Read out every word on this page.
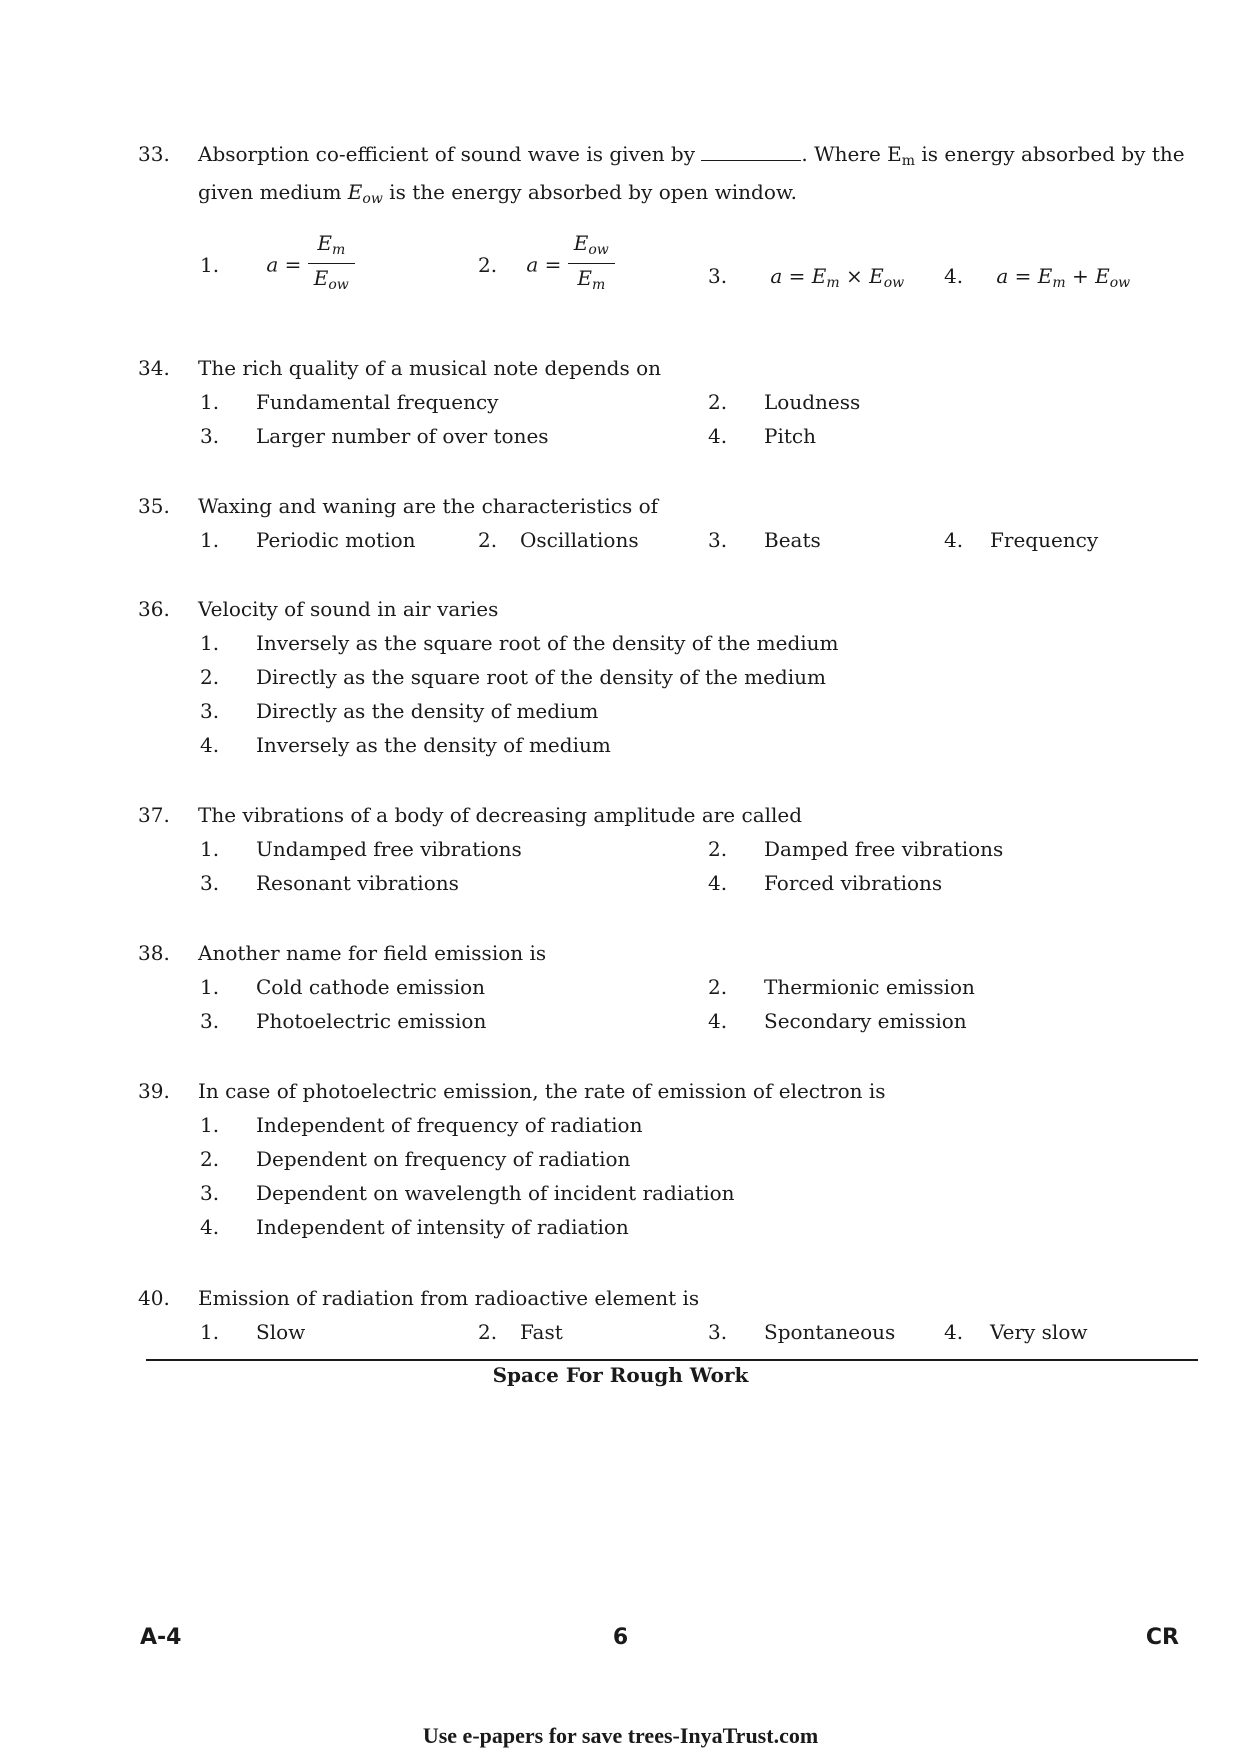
33. Absorption co-efficient of sound wave is given by	. Where $E_m$ is energy absorbed by the
given medium $E_{ow}$ is the energy absorbed by open window.
1. $a = \frac{E_m}{E_{ow}}$	2. $a = \frac{E_{ow}}{E_m}$	3. $a = E_m \times E_{ow}$ 4. $a = E_m + E_{ow}$
34. The rich quality of a musical note depends on
1. Fundamental frequency	2. Loudness
3. Larger number of over tones	4. Pitch
35. Waxing and waning are the characteristics of
1. Periodic motion	2. Oscillations	3. Beats	4. Frequency
36. Velocity of sound in air varies
1. Inversely as the square root of the density of the medium
2. Directly as the square root of the density of the medium
3. Directly as the density of medium
4. Inversely as the density of medium
37. The vibrations of a body of decreasing amplitude are called
1. Undamped free vibrations	2. Damped free vibrations
3. Resonant vibrations	4. Forced vibrations
38. Another name for field emission is
1. Cold cathode emission	2. Thermionic emission
3. Photoelectric emission	4. Secondary emission
39. In case of photoelectric emission, the rate of emission of electron is
1. Independent of frequency of radiation
2. Dependent on frequency of radiation
3. Dependent on wavelength of incident radiation
4. Independent of intensity of radiation
40. Emission of radiation from radioactive element is
1. Slow	2. Fast	3. Spontaneous 4. Very slow
Space For Rough Work
A-4	6	CR
Use e-papers for save trees-InyaTrust.com
